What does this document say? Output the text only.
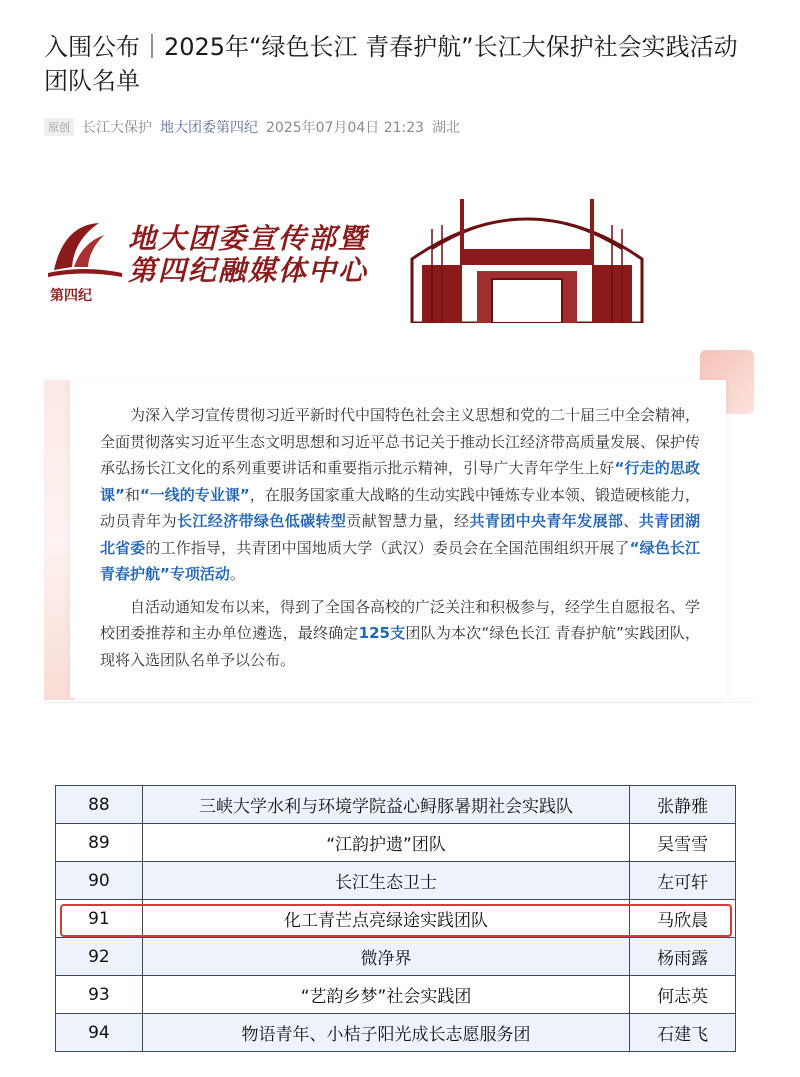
入围公布｜2025年“绿色长江 青春护航”长江大保护社会实践活动团队名单
原创 长江大保护 地大团委第四纪 2025年07月04日 21:23 湖北
地大团委宣传部暨
第四纪融媒体中心
第四纪

为深入学习宣传贯彻习近平新时代中国特色社会主义思想和党的二十届三中全会精神，全面贯彻落实习近平生态文明思想和习近平总书记关于推动长江经济带高质量发展、保护传承弘扬长江文化的系列重要讲话和重要指示批示精神，引导广大青年学生上好“行走的思政课”和“一线的专业课”，在服务国家重大战略的生动实践中锤炼专业本领、锻造硬核能力，动员青年为长江经济带绿色低碳转型贡献智慧力量，经共青团中央青年发展部、共青团湖北省委的工作指导，共青团中国地质大学（武汉）委员会在全国范围组织开展了“绿色长江 青春护航”专项活动。

自活动通知发布以来，得到了全国各高校的广泛关注和积极参与，经学生自愿报名、学校团委推荐和主办单位遴选，最终确定125支团队为本次“绿色长江 青春护航”实践团队，现将入选团队名单予以公布。

88	三峡大学水利与环境学院益心鲟豚暑期社会实践队	张静雅
89	“江韵护遗”团队	吴雪雪
90	长江生态卫士	左可轩
91	化工青芒点亮绿途实践团队	马欣晨
92	微净界	杨雨露
93	“艺韵乡梦”社会实践团	何志英
94	物语青年、小桔子阳光成长志愿服务团	石建飞
